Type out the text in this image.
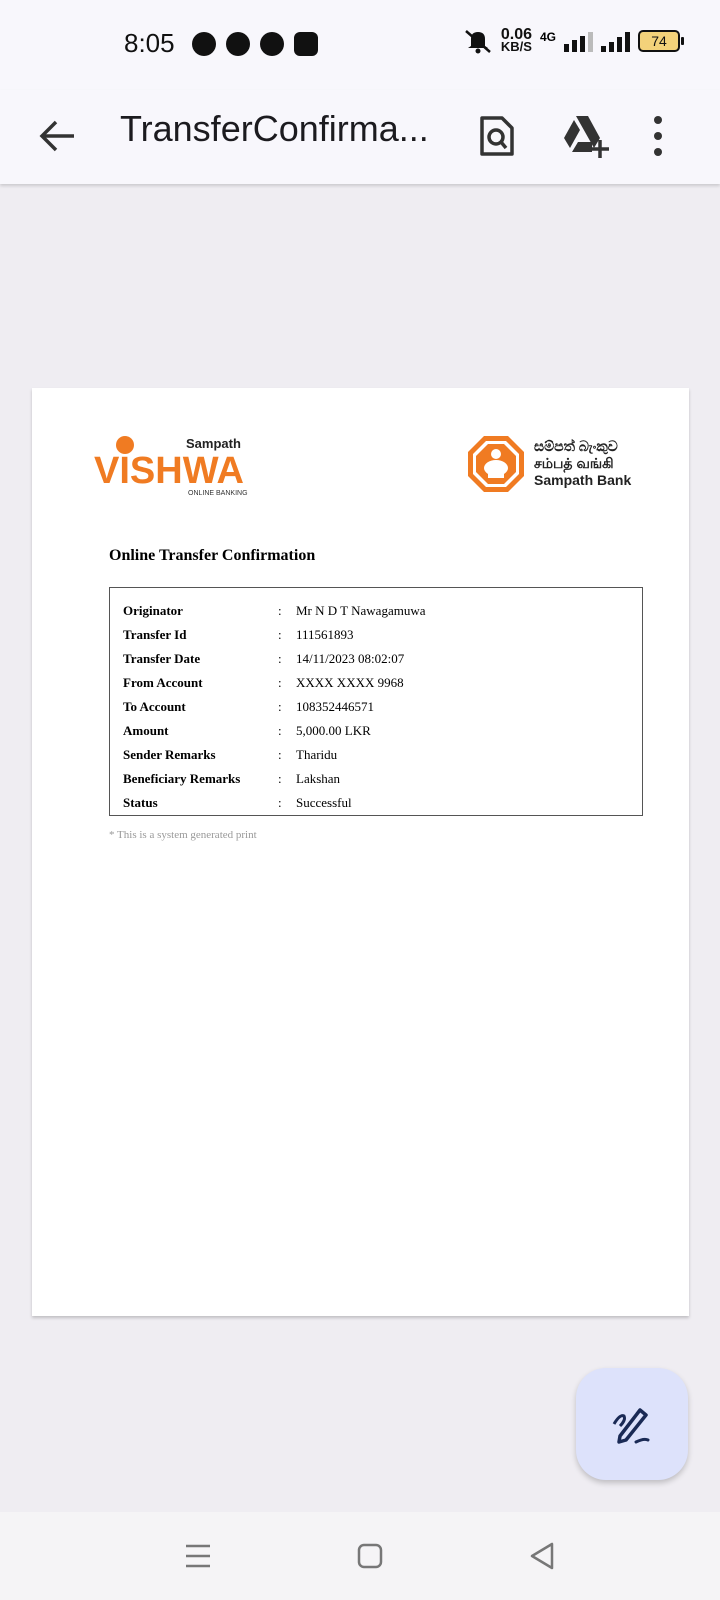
8:05	0.06
KB/S
4G	74
TransferConfirma...
Sampath
VISHWA
ONLINE BANKING
සම්පත් බැංකුව
சம்பத் வங்கி
Sampath Bank
Online Transfer Confirmation
Originator	: Mr N D T Nawagamuwa
Transfer Id	: 111561893
Transfer Date	: 14/11/2023 08:02:07
From Account	: XXXX XXXX 9968
To Account	: 108352446571
Amount	: 5,000.00 LKR
Sender Remarks	: Tharidu
Beneficiary Remarks	: Lakshan
Status	: Successful
* This is a system generated print
